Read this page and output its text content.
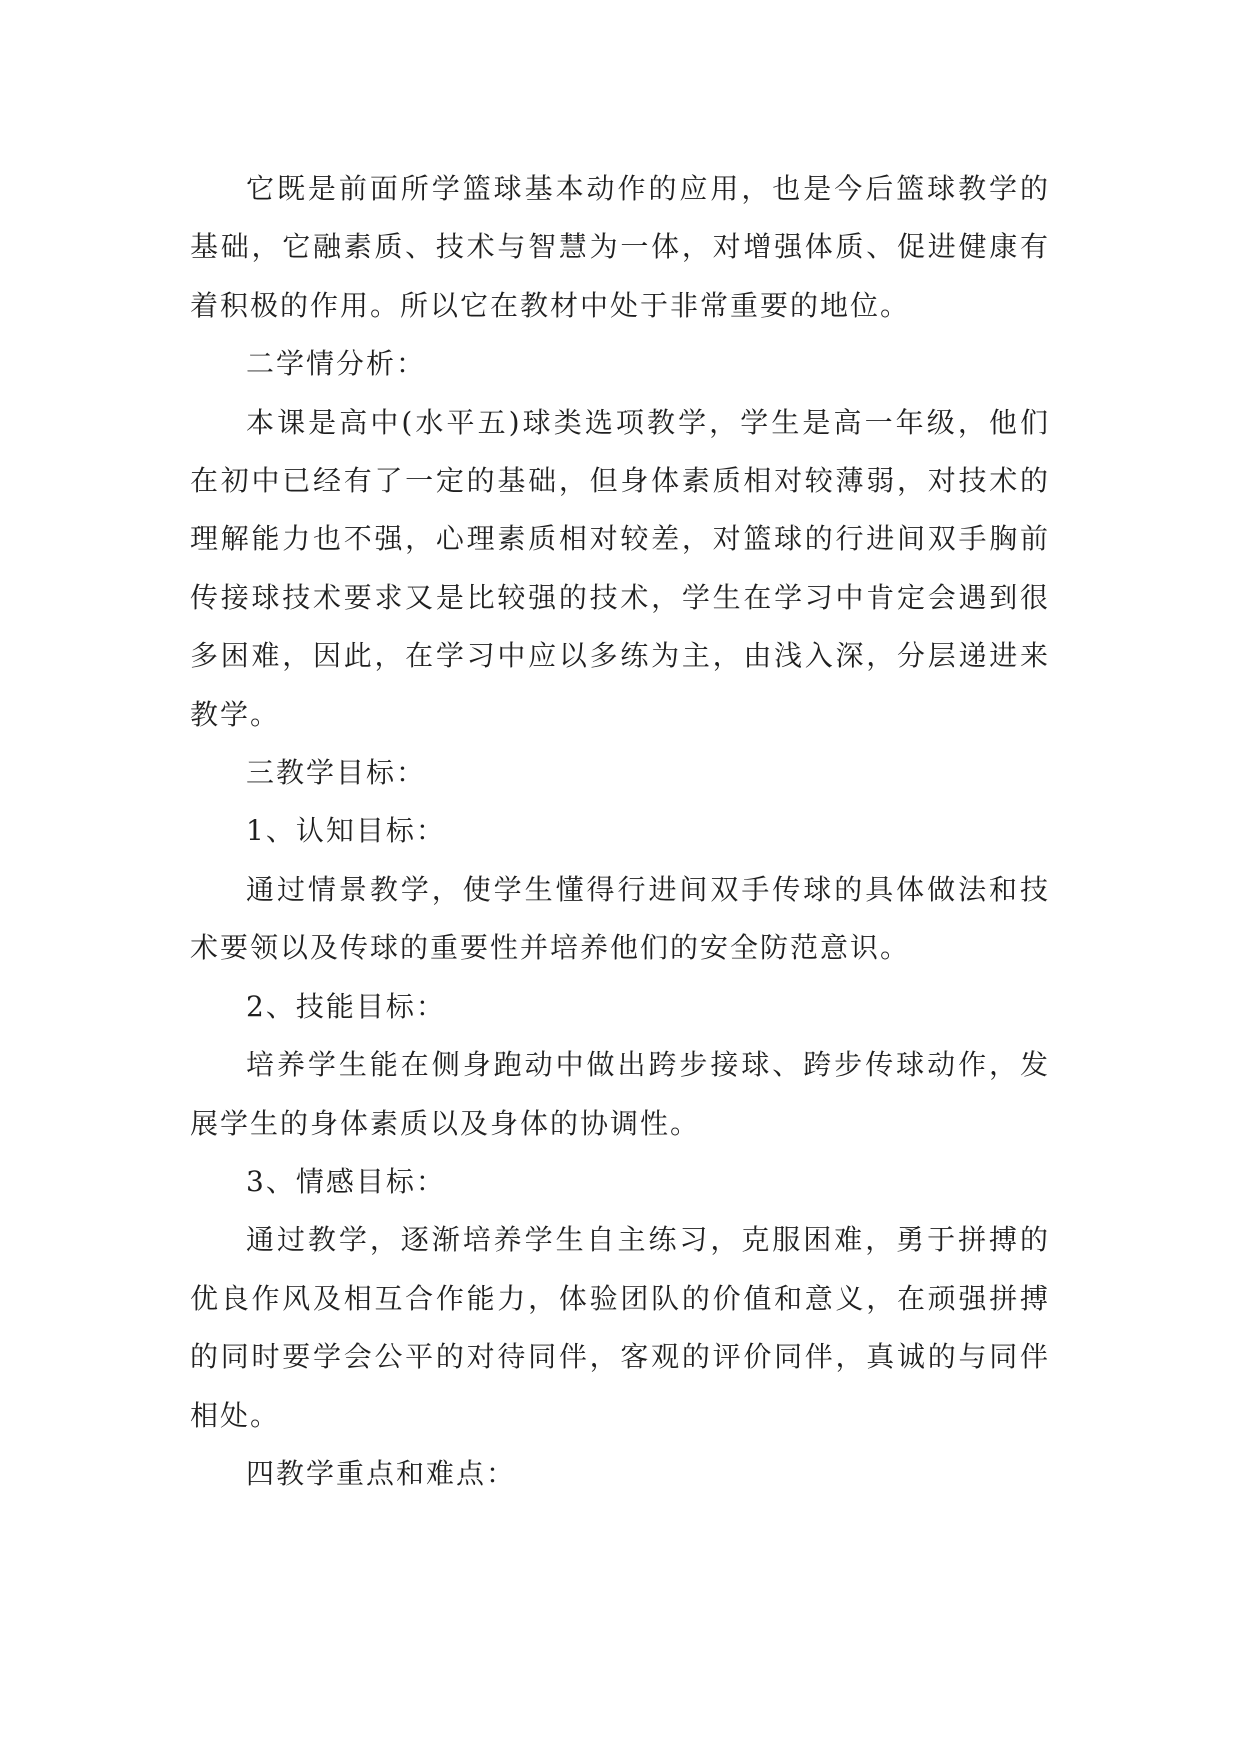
它既是前面所学篮球基本动作的应用，也是今后篮球教学的基础，它融素质、技术与智慧为一体，对增强体质、促进健康有着积极的作用。所以它在教材中处于非常重要的地位。

二学情分析：

本课是高中(水平五)球类选项教学，学生是高一年级，他们在初中已经有了一定的基础，但身体素质相对较薄弱，对技术的理解能力也不强，心理素质相对较差，对篮球的行进间双手胸前传接球技术要求又是比较强的技术，学生在学习中肯定会遇到很多困难，因此，在学习中应以多练为主，由浅入深，分层递进来教学。

三教学目标：

1、认知目标：

通过情景教学，使学生懂得行进间双手传球的具体做法和技术要领以及传球的重要性并培养他们的安全防范意识。

2、技能目标：

培养学生能在侧身跑动中做出跨步接球、跨步传球动作，发展学生的身体素质以及身体的协调性。

3、情感目标：

通过教学，逐渐培养学生自主练习，克服困难，勇于拼搏的优良作风及相互合作能力，体验团队的价值和意义，在顽强拼搏的同时要学会公平的对待同伴，客观的评价同伴，真诚的与同伴相处。

四教学重点和难点：
